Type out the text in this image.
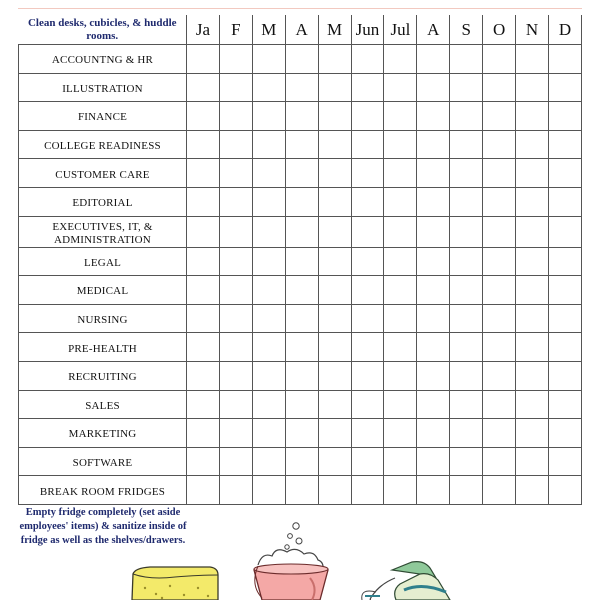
Clean desks, cubicles, & huddle rooms.	Ja	F	M	A	M	Jun	Jul	A	S	O	N	D
ACCOUNTNG & HR												
ILLUSTRATION												
FINANCE												
COLLEGE READINESS												
CUSTOMER CARE												
EDITORIAL												
EXECUTIVES, IT, & ADMINISTRATION												
LEGAL												
MEDICAL												
NURSING												
PRE-HEALTH												
RECRUITING												
SALES												
MARKETING												
SOFTWARE												
BREAK ROOM FRIDGES												
Empty fridge completely (set aside employees' items) & sanitize inside of fridge as well as the shelves/drawers.
